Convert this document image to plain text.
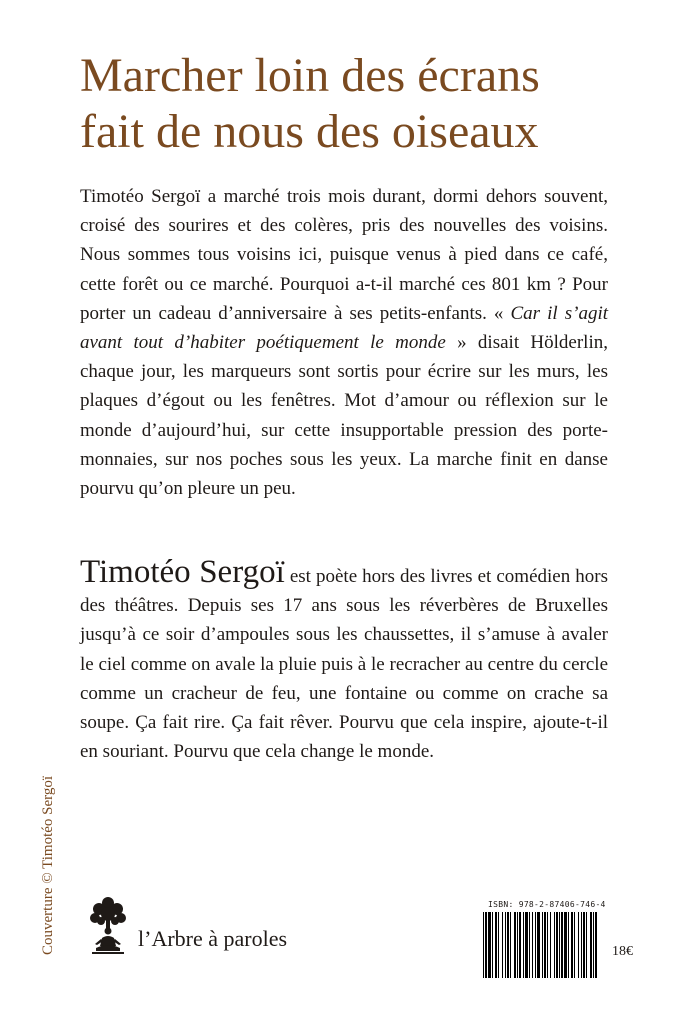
Marcher loin des écrans
fait de nous des oiseaux

Timotéo Sergoï a marché trois mois durant, dormi dehors souvent, croisé des sourires et des colères, pris des nouvelles des voisins. Nous sommes tous voisins ici, puisque venus à pied dans ce café, cette forêt ou ce marché. Pourquoi a-t-il marché ces 801 km ? Pour porter un cadeau d’anniversaire à ses petits-enfants. « Car il s’agit avant tout d’habiter poétiquement le monde » disait Hölderlin, chaque jour, les marqueurs sont sortis pour écrire sur les murs, les plaques d’égout ou les fenêtres. Mot d’amour ou réflexion sur le monde d’aujourd’hui, sur cette insupportable pression des porte-monnaies, sur nos poches sous les yeux. La marche finit en danse pourvu qu’on pleure un peu.

Timotéo Sergoï est poète hors des livres et comédien hors des théâtres. Depuis ses 17 ans sous les réverbères de Bruxelles jusqu’à ce soir d’ampoules sous les chaussettes, il s’amuse à avaler le ciel comme on avale la pluie puis à le recracher au centre du cercle comme un cracheur de feu, une fontaine ou comme on crache sa soupe. Ça fait rire. Ça fait rêver. Pourvu que cela inspire, ajoute-t-il en souriant. Pourvu que cela change le monde.

Couverture © Timotéo Sergoï	l’Arbre à paroles
ISBN: 978-2-87406-746-4
18€
